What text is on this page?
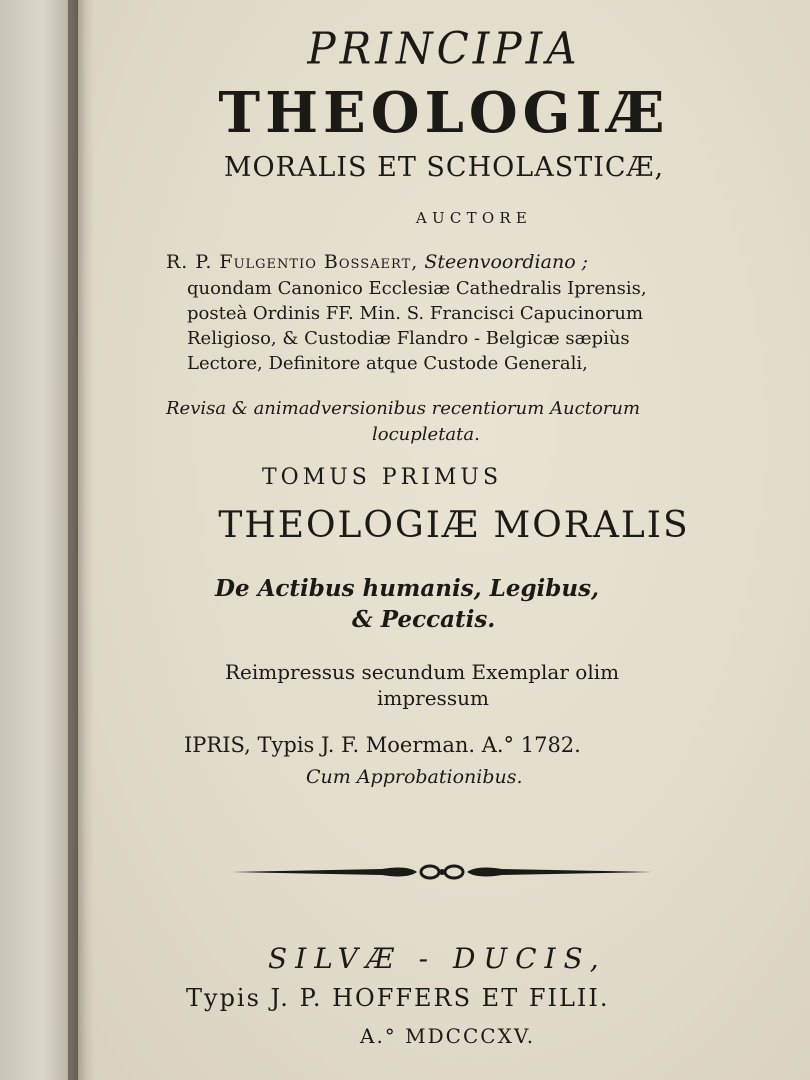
PRINCIPIA
THEOLOGIÆ
MORALIS ET SCHOLASTICÆ,
AUCTORE
R. P. Fulgentio Bossaert, Steenvoordiano ;
quondam Canonico Ecclesiæ Cathedralis Iprensis,
posteà Ordinis FF. Min. S. Francisci Capucinorum
Religioso, & Custodiæ Flandro - Belgicæ sæpiùs
Lectore, Definitore atque Custode Generali,
Revisa & animadversionibus recentiorum Auctorum
locupletata.
TOMUS PRIMUS
THEOLOGIÆ MORALIS
De Actibus humanis, Legibus,
& Peccatis.
Reimpressus secundum Exemplar olim
impressum
IPRIS, Typis J. F. Moerman. A.° 1782.
Cum Approbationibus.
SILVÆ - DUCIS,
Typis J. P. HOFFERS ET FILII.
A.° MDCCCXV.
